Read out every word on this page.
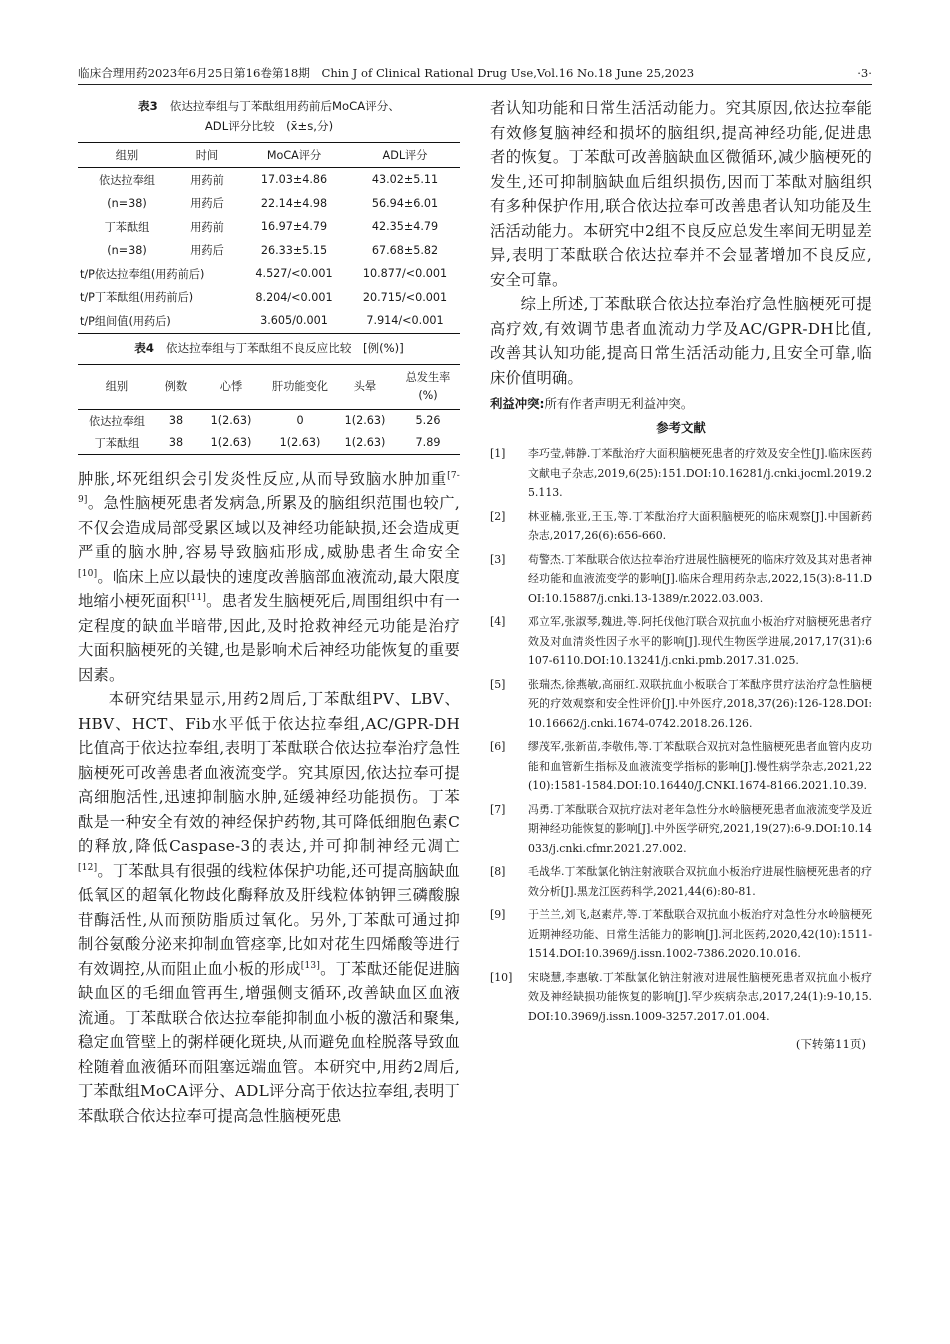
临床合理用药2023年6月25日第16卷第18期　Chin J of Clinical Rational Drug Use,Vol.16 No.18 June 25,2023	·3·

表3 依达拉奉组与丁苯酞组用药前后MoCA评分、

ADL评分比较　(x̄±s,分)

组别	时间	MoCA评分	ADL评分
依达拉奉组	用药前	17.03±4.86	43.02±5.11
(n=38)	用药后	22.14±4.98	56.94±6.01
丁苯酞组	用药前	16.97±4.79	42.35±4.79
(n=38)	用药后	26.33±5.15	67.68±5.82
t/P依达拉奉组(用药前后)		4.527/<0.001	10.877/<0.001
t/P丁苯酞组(用药前后)		8.204/<0.001	20.715/<0.001
t/P组间值(用药后)		3.605/0.001	7.914/<0.001

表4 依达拉奉组与丁苯酞组不良反应比较　[例(%)]

组别	例数	心悸	肝功能变化	头晕	总发生率(%)
依达拉奉组	38	1(2.63)	0	1(2.63)	5.26
丁苯酞组	38	1(2.63)	1(2.63)	1(2.63)	7.89

肿胀,坏死组织会引发炎性反应,从而导致脑水肿加重[7-9]。急性脑梗死患者发病急,所累及的脑组织范围也较广,不仅会造成局部受累区域以及神经功能缺损,还会造成更严重的脑水肿,容易导致脑疝形成,威胁患者生命安全[10]。临床上应以最快的速度改善脑部血液流动,最大限度地缩小梗死面积[11]。患者发生脑梗死后,周围组织中有一定程度的缺血半暗带,因此,及时抢救神经元功能是治疗大面积脑梗死的关键,也是影响术后神经功能恢复的重要因素。

本研究结果显示,用药2周后,丁苯酞组PV、LBV、HBV、HCT、Fib水平低于依达拉奉组,AC/GPR-DH比值高于依达拉奉组,表明丁苯酞联合依达拉奉治疗急性脑梗死可改善患者血液流变学。究其原因,依达拉奉可提高细胞活性,迅速抑制脑水肿,延缓神经功能损伤。丁苯酞是一种安全有效的神经保护药物,其可降低细胞色素C的释放,降低Caspase-3的表达,并可抑制神经元凋亡[12]。丁苯酞具有很强的线粒体保护功能,还可提高脑缺血低氧区的超氧化物歧化酶释放及肝线粒体钠钾三磷酸腺苷酶活性,从而预防脂质过氧化。另外,丁苯酞可通过抑制谷氨酸分泌来抑制血管痉挛,比如对花生四烯酸等进行有效调控,从而阻止血小板的形成[13]。丁苯酞还能促进脑缺血区的毛细血管再生,增强侧支循环,改善缺血区血液流通。丁苯酞联合依达拉奉能抑制血小板的激活和聚集,稳定血管壁上的粥样硬化斑块,从而避免血栓脱落导致血栓随着血液循环而阻塞远端血管。本研究中,用药2周后,丁苯酞组MoCA评分、ADL评分高于依达拉奉组,表明丁苯酞联合依达拉奉可提高急性脑梗死患

者认知功能和日常生活活动能力。究其原因,依达拉奉能有效修复脑神经和损坏的脑组织,提高神经功能,促进患者的恢复。丁苯酞可改善脑缺血区微循环,减少脑梗死的发生,还可抑制脑缺血后组织损伤,因而丁苯酞对脑组织有多种保护作用,联合依达拉奉可改善患者认知功能及生活活动能力。本研究中2组不良反应总发生率间无明显差异,表明丁苯酞联合依达拉奉并不会显著增加不良反应,安全可靠。

综上所述,丁苯酞联合依达拉奉治疗急性脑梗死可提高疗效,有效调节患者血流动力学及AC/GPR-DH比值,改善其认知功能,提高日常生活活动能力,且安全可靠,临床价值明确。

利益冲突:所有作者声明无利益冲突。
参考文献
[1] 李巧莹,韩静.丁苯酞治疗大面积脑梗死患者的疗效及安全性[J].临床医药文献电子杂志,2019,6(25):151.DOI:10.16281/j.cnki.jocml.2019.25.113.
[2] 林亚楠,张亚,王玉,等.丁苯酞治疗大面积脑梗死的临床观察[J].中国新药杂志,2017,26(6):656-660.
[3] 苟警杰.丁苯酞联合依达拉奉治疗进展性脑梗死的临床疗效及其对患者神经功能和血液流变学的影响[J].临床合理用药杂志,2022,15(3):8-11.DOI:10.15887/j.cnki.13-1389/r.2022.03.003.
[4] 邓立军,张淑琴,魏进,等.阿托伐他汀联合双抗血小板治疗对脑梗死患者疗效及对血清炎性因子水平的影响[J].现代生物医学进展,2017,17(31):6107-6110.DOI:10.13241/j.cnki.pmb.2017.31.025.
[5] 张瑞杰,徐燕敏,高丽红.双联抗血小板联合丁苯酞序贯疗法治疗急性脑梗死的疗效观察和安全性评价[J].中外医疗,2018,37(26):126-128.DOI:10.16662/j.cnki.1674-0742.2018.26.126.
[6] 缪茂军,张新苗,李敬伟,等.丁苯酞联合双抗对急性脑梗死患者血管内皮功能和血管新生指标及血液流变学指标的影响[J].慢性病学杂志,2021,22(10):1581-1584.DOI:10.16440/J.CNKI.1674-8166.2021.10.39.
[7] 冯勇.丁苯酞联合双抗疗法对老年急性分水岭脑梗死患者血液流变学及近期神经功能恢复的影响[J].中外医学研究,2021,19(27):6-9.DOI:10.14033/j.cnki.cfmr.2021.27.002.
[8] 毛战华.丁苯酞氯化钠注射液联合双抗血小板治疗进展性脑梗死患者的疗效分析[J].黑龙江医药科学,2021,44(6):80-81.
[9] 于兰兰,刘飞,赵素芹,等.丁苯酞联合双抗血小板治疗对急性分水岭脑梗死近期神经功能、日常生活能力的影响[J].河北医药,2020,42(10):1511-1514.DOI:10.3969/j.issn.1002-7386.2020.10.016.
[10] 宋晓慧,李惠敏.丁苯酞氯化钠注射液对进展性脑梗死患者双抗血小板疗效及神经缺损功能恢复的影响[J].罕少疾病杂志,2017,24(1):9-10,15.DOI:10.3969/j.issn.1009-3257.2017.01.004.
(下转第11页)
